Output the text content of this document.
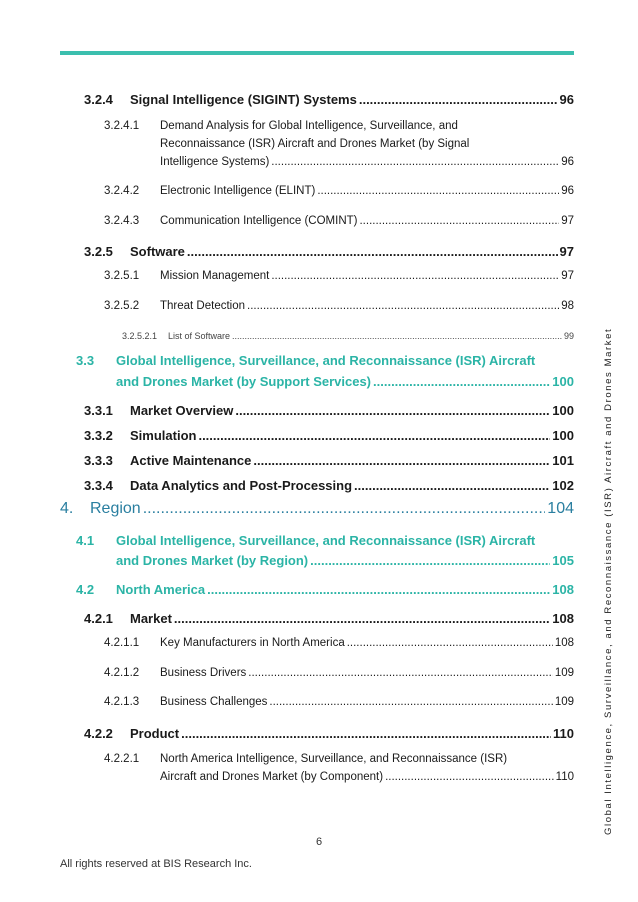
3.2.4	Signal Intelligence (SIGINT) Systems .....	96
3.2.4.1 Demand Analysis for Global Intelligence, Surveillance, and
Reconnaissance (ISR) Aircraft and Drones Market (by Signal
Intelligence Systems) .....	96
3.2.4.2	Electronic Intelligence (ELINT) .....	96
3.2.4.3	Communication Intelligence (COMINT) .....	97
3.2.5	Software .....	97
3.2.5.1	Mission Management .....	97
3.2.5.2	Threat Detection .....	98
3.2.5.2.1	List of Software .....	99
3.3 Global Intelligence, Surveillance, and Reconnaissance (ISR) Aircraft
and Drones Market (by Support Services) .....	100
3.3.1	Market Overview .....	100
3.3.2	Simulation .....	100
3.3.3	Active Maintenance .....	101
3.3.4	Data Analytics and Post-Processing .....	102
4.	Region .....	104
4.1 Global Intelligence, Surveillance, and Reconnaissance (ISR) Aircraft
and Drones Market (by Region) .....	105
4.2	North America .....	108
4.2.1	Market .....	108
4.2.1.1	Key Manufacturers in North America .....	108
4.2.1.2	Business Drivers .....	109
4.2.1.3	Business Challenges .....	109
4.2.2	Product .....	110
4.2.2.1 North America Intelligence, Surveillance, and Reconnaissance (ISR)
Aircraft and Drones Market (by Component) .....	110	Global Intelligence, Surveillance, and Reconnaissance (ISR) Aircraft and Drones Market
6
All rights reserved at BIS Research Inc.
